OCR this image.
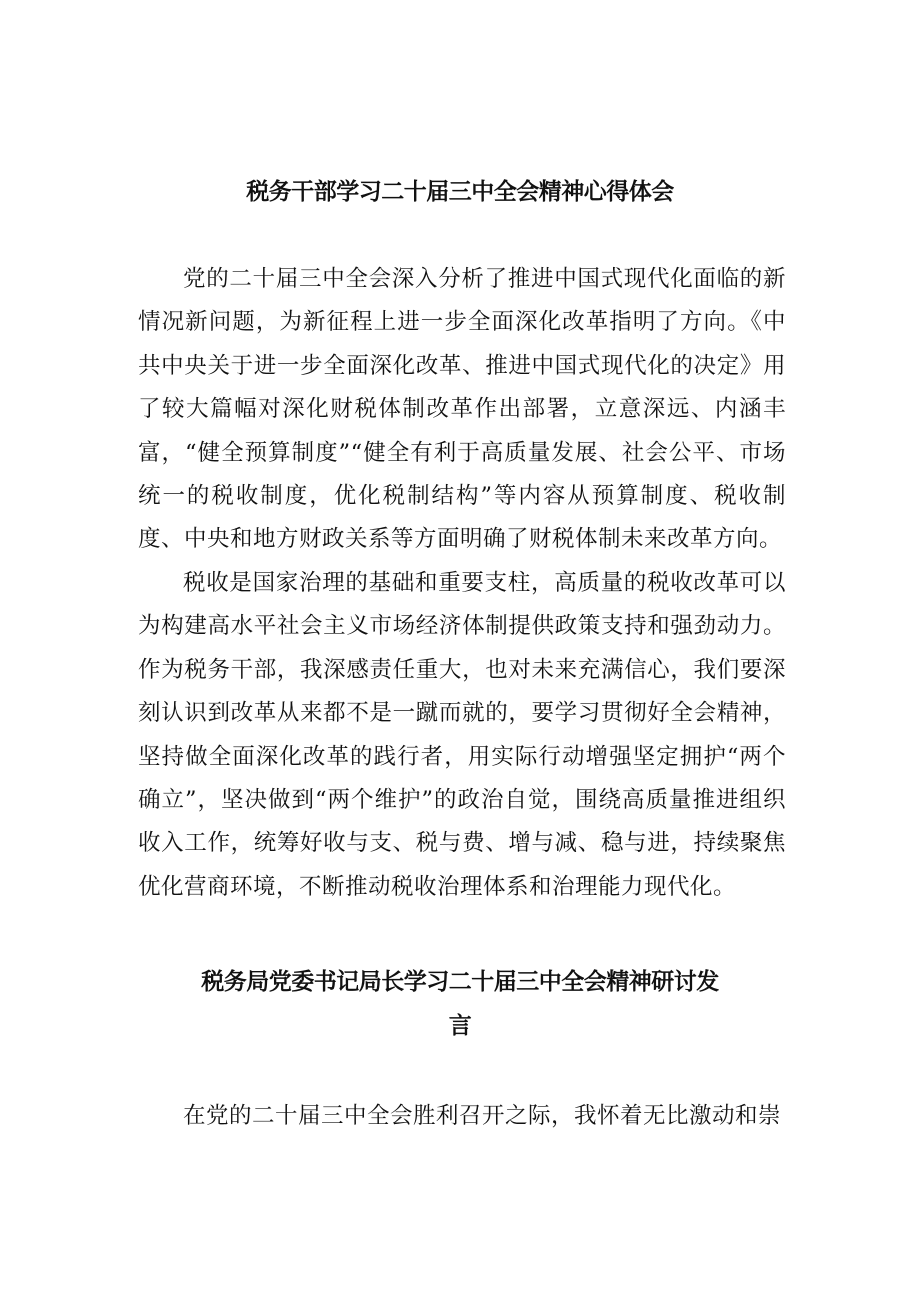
税务干部学习二十届三中全会精神心得体会

党的二十届三中全会深入分析了推进中国式现代化面临的新情况新问题，为新征程上进一步全面深化改革指明了方向。《中共中央关于进一步全面深化改革、推进中国式现代化的决定》用了较大篇幅对深化财税体制改革作出部署，立意深远、内涵丰富，“健全预算制度”“健全有利于高质量发展、社会公平、市场统一的税收制度，优化税制结构”等内容从预算制度、税收制度、中央和地方财政关系等方面明确了财税体制未来改革方向。

税收是国家治理的基础和重要支柱，高质量的税收改革可以为构建高水平社会主义市场经济体制提供政策支持和强劲动力。作为税务干部，我深感责任重大，也对未来充满信心，我们要深刻认识到改革从来都不是一蹴而就的，要学习贯彻好全会精神，坚持做全面深化改革的践行者，用实际行动增强坚定拥护“两个确立”，坚决做到“两个维护”的政治自觉，围绕高质量推进组织收入工作，统筹好收与支、税与费、增与减、稳与进，持续聚焦优化营商环境，不断推动税收治理体系和治理能力现代化。

税务局党委书记局长学习二十届三中全会精神研讨发
言

在党的二十届三中全会胜利召开之际，我怀着无比激动和崇
